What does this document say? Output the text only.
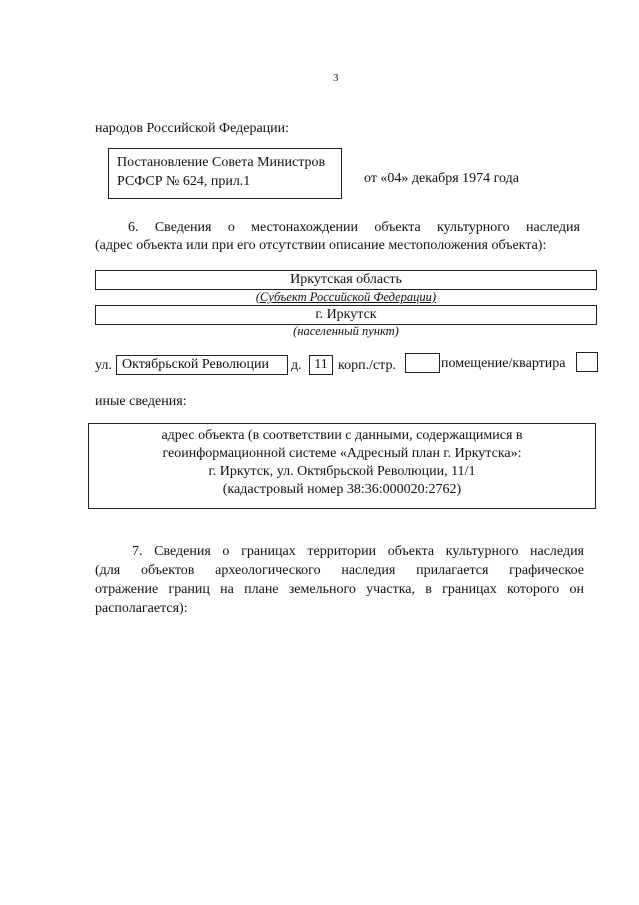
3
народов Российской Федерации:
Постановление Совета Министров
РСФСР № 624, прил.1	от «04» декабря 1974 года
6. Сведения о местонахождении объекта культурного наследия
(адрес объекта или при его отсутствии описание местоположения объекта):
Иркутская область
(Субъект Российской Федерации)
г. Иркутск
(населенный пункт)
ул. Октябрьской Революции д. 11 корп./стр.	помещение/квартира
иные сведения:
адрес объекта (в соответствии с данными, содержащимися в
геоинформационной системе «Адресный план г. Иркутска»:
г. Иркутск, ул. Октябрьской Революции, 11/1
(кадастровый номер 38:36:000020:2762)
7. Сведения о границах территории объекта культурного наследия
(для объектов археологического наследия прилагается графическое
отражение границ на плане земельного участка, в границах которого он
располагается):
